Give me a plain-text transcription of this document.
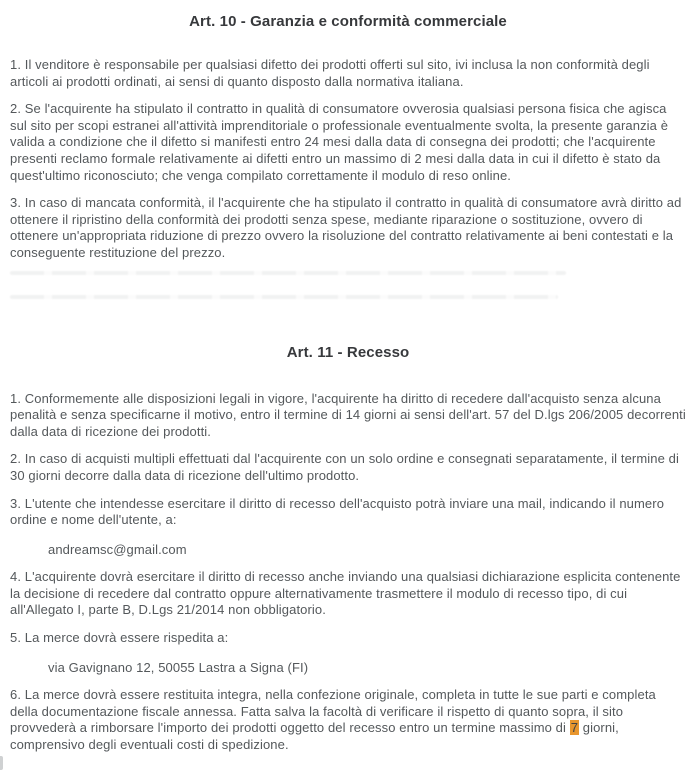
Art. 10 - Garanzia e conformità commerciale

1. Il venditore è responsabile per qualsiasi difetto dei prodotti offerti sul sito, ivi inclusa la non conformità degli articoli ai prodotti ordinati, ai sensi di quanto disposto dalla normativa italiana.

2. Se l'acquirente ha stipulato il contratto in qualità di consumatore ovverosia qualsiasi persona fisica che agisca sul sito per scopi estranei all'attività imprenditoriale o professionale eventualmente svolta, la presente garanzia è valida a condizione che il difetto si manifesti entro 24 mesi dalla data di consegna dei prodotti; che l'acquirente presenti reclamo formale relativamente ai difetti entro un massimo di 2 mesi dalla data in cui il difetto è stato da quest'ultimo riconosciuto; che venga compilato correttamente il modulo di reso online.

3. In caso di mancata conformità, il l'acquirente che ha stipulato il contratto in qualità di consumatore avrà diritto ad ottenere il ripristino della conformità dei prodotti senza spese, mediante riparazione o sostituzione, ovvero di ottenere un'appropriata riduzione di prezzo ovvero la risoluzione del contratto relativamente ai beni contestati e la conseguente restituzione del prezzo.

Art. 11 - Recesso

1. Conformemente alle disposizioni legali in vigore, l'acquirente ha diritto di recedere dall'acquisto senza alcuna penalità e senza specificarne il motivo, entro il termine di 14 giorni ai sensi dell'art. 57 del D.lgs 206/2005 decorrenti dalla data di ricezione dei prodotti.

2. In caso di acquisti multipli effettuati dal l'acquirente con un solo ordine e consegnati separatamente, il termine di 30 giorni decorre dalla data di ricezione dell'ultimo prodotto.

3. L'utente che intendesse esercitare il diritto di recesso dell'acquisto potrà inviare una mail, indicando il numero ordine e nome dell'utente, a:

andreamsc@gmail.com

4. L'acquirente dovrà esercitare il diritto di recesso anche inviando una qualsiasi dichiarazione esplicita contenente la decisione di recedere dal contratto oppure alternativamente trasmettere il modulo di recesso tipo, di cui all'Allegato I, parte B, D.Lgs 21/2014 non obbligatorio.

5. La merce dovrà essere rispedita a:

via Gavignano 12, 50055 Lastra a Signa (FI)

6. La merce dovrà essere restituita integra, nella confezione originale, completa in tutte le sue parti e completa della documentazione fiscale annessa. Fatta salva la facoltà di verificare il rispetto di quanto sopra, il sito provvederà a rimborsare l'importo dei prodotti oggetto del recesso entro un termine massimo di 7 giorni, comprensivo degli eventuali costi di spedizione.
